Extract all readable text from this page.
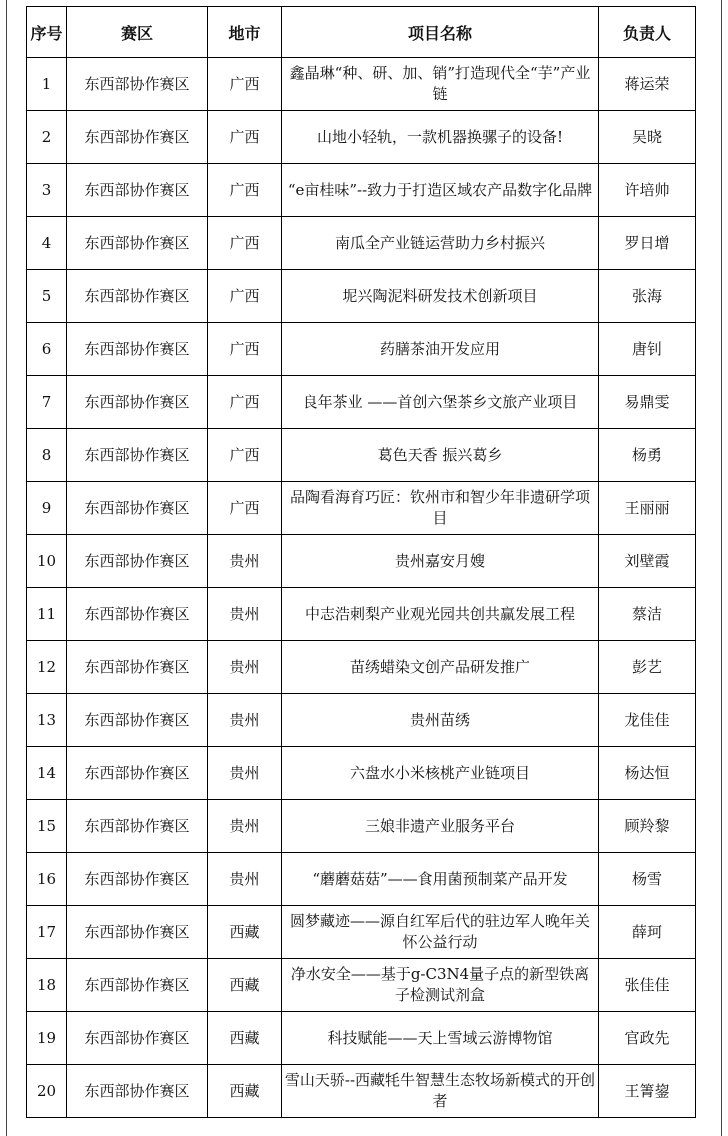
序号	赛区	地市	项目名称	负责人
1	东西部协作赛区	广西	鑫晶琳“种、研、加、销”打造现代全“芋”产业链	蒋运荣
2	东西部协作赛区	广西	山地小轻轨，一款机器换骡子的设备!	吴晓
3	东西部协作赛区	广西	“e亩桂味”--致力于打造区域农产品数字化品牌	许培帅
4	东西部协作赛区	广西	南瓜全产业链运营助力乡村振兴	罗日增
5	东西部协作赛区	广西	坭兴陶泥料研发技术创新项目	张海
6	东西部协作赛区	广西	药膳茶油开发应用	唐钊
7	东西部协作赛区	广西	良年茶业 ——首创六堡茶乡文旅产业项目	易鼎雯
8	东西部协作赛区	广西	葛色天香 振兴葛乡	杨勇
9	东西部协作赛区	广西	品陶看海育巧匠：钦州市和智少年非遗研学项目	王丽丽
10	东西部协作赛区	贵州	贵州嘉安月嫂	刘壁霞
11	东西部协作赛区	贵州	中志浩刺梨产业观光园共创共赢发展工程	蔡洁
12	东西部协作赛区	贵州	苗绣蜡染文创产品研发推广	彭艺
13	东西部协作赛区	贵州	贵州苗绣	龙佳佳
14	东西部协作赛区	贵州	六盘水小米核桃产业链项目	杨达恒
15	东西部协作赛区	贵州	三娘非遗产业服务平台	顾羚黎
16	东西部协作赛区	贵州	“蘑蘑菇菇”——食用菌预制菜产品开发	杨雪
17	东西部协作赛区	西藏	圆梦藏迹——源自红军后代的驻边军人晚年关怀公益行动	薛珂
18	东西部协作赛区	西藏	净水安全——基于g-C3N4量子点的新型铁离子检测试剂盒	张佳佳
19	东西部协作赛区	西藏	科技赋能——天上雪域云游博物馆	官政先
20	东西部协作赛区	西藏	雪山天骄--西藏牦牛智慧生态牧场新模式的开创者	王箐鋆
